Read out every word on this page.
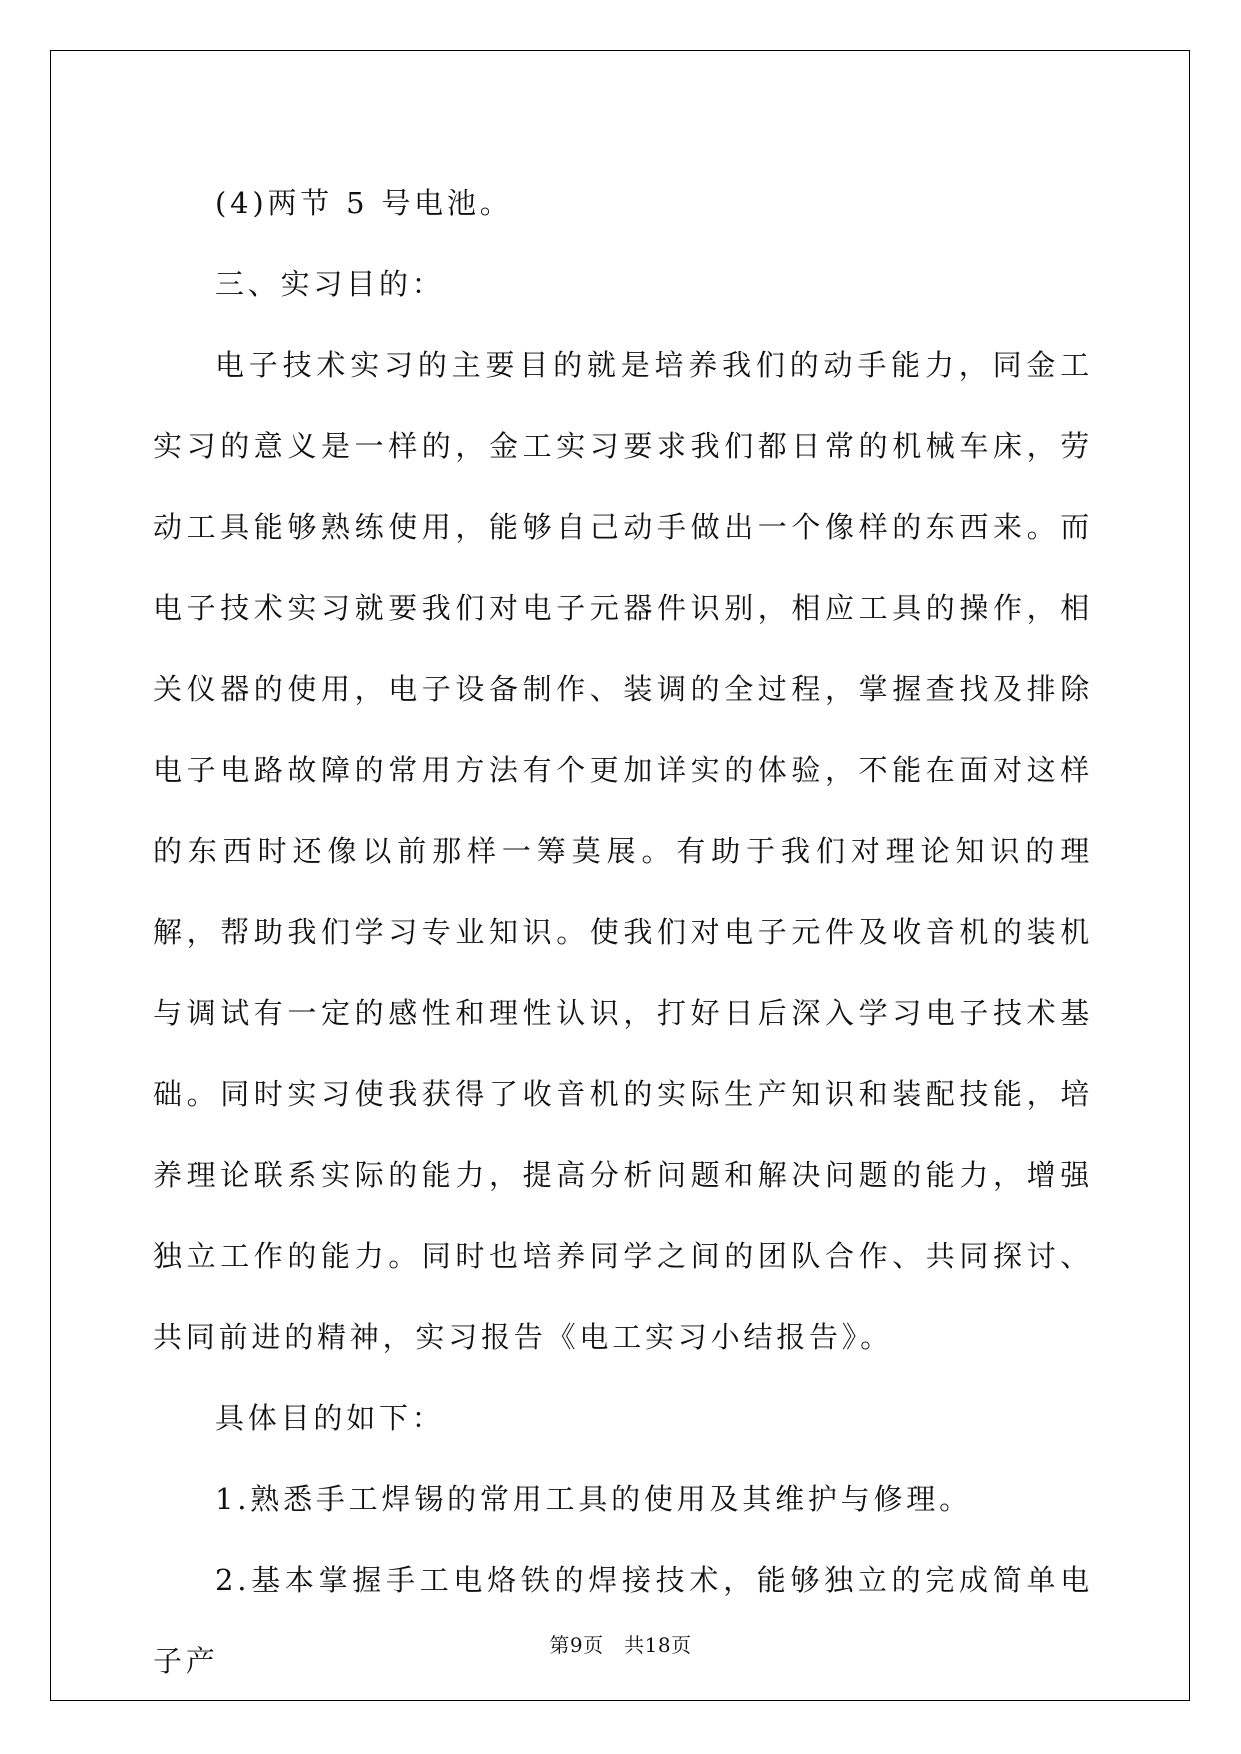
(4)两节 5 号电池。

三、实习目的：

电子技术实习的主要目的就是培养我们的动手能力，同金工实习的意义是一样的，金工实习要求我们都日常的机械车床，劳动工具能够熟练使用，能够自己动手做出一个像样的东西来。而电子技术实习就要我们对电子元器件识别，相应工具的操作，相关仪器的使用，电子设备制作、装调的全过程，掌握查找及排除电子电路故障的常用方法有个更加详实的体验，不能在面对这样的东西时还像以前那样一筹莫展。有助于我们对理论知识的理解，帮助我们学习专业知识。使我们对电子元件及收音机的装机与调试有一定的感性和理性认识，打好日后深入学习电子技术基础。同时实习使我获得了收音机的实际生产知识和装配技能，培养理论联系实际的能力，提高分析问题和解决问题的能力，增强独立工作的能力。同时也培养同学之间的团队合作、共同探讨、共同前进的精神，实习报告《电工实习小结报告》。

具体目的如下：

1.熟悉手工焊锡的常用工具的使用及其维护与修理。

2.基本掌握手工电烙铁的焊接技术，能够独立的完成简单电子产	第9页 共18页
